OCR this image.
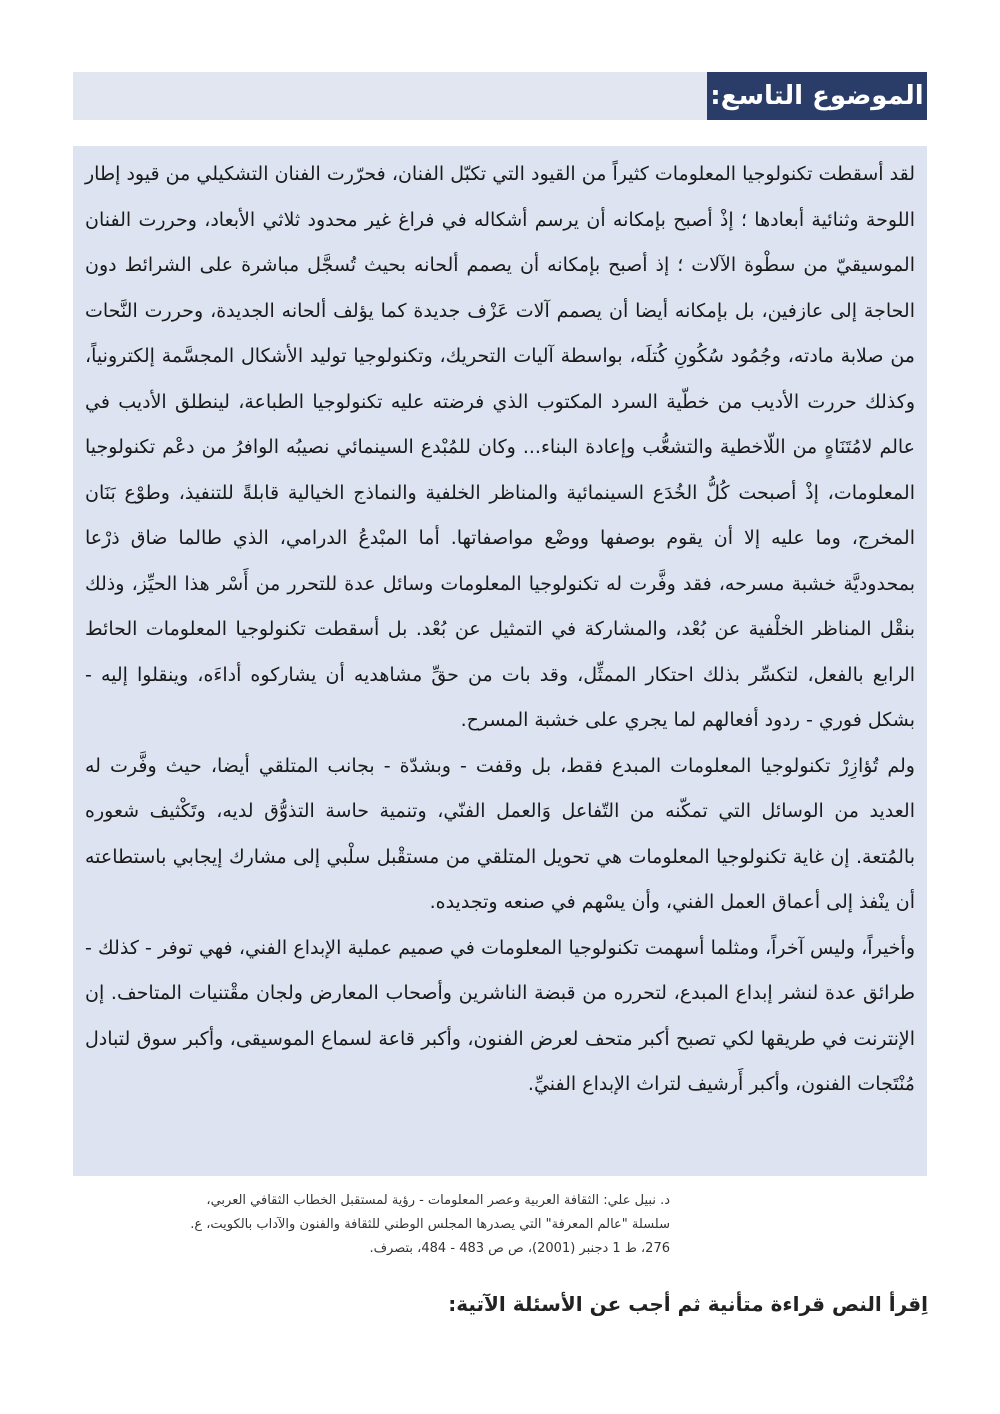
الموضوع التاسع:

لقد أسقطت تكنولوجيا المعلومات كثيراً من القيود التي تكبّل الفنان، فحرّرت الفنان التشكيلي من قيود إطار اللوحة وثنائية أبعادها ؛ إذْ أصبح بإمكانه أن يرسم أشكاله في فراغ غير محدود ثلاثي الأبعاد، وحررت الفنان الموسيقيّ من سطْوة الآلات ؛ إذ أصبح بإمكانه أن يصمم ألحانه بحيث تُسجَّل مباشرة على الشرائط دون الحاجة إلى عازفين، بل بإمكانه أيضا أن يصمم آلات عَزْف جديدة كما يؤلف ألحانه الجديدة، وحررت النَّحات من صلابة مادته، وجُمُود سُكُونِ كُتلَه، بواسطة آليات التحريك، وتكنولوجيا توليد الأشكال المجسَّمة إلكترونياً، وكذلك حررت الأديب من خطّية السرد المكتوب الذي فرضته عليه تكنولوجيا الطباعة، لينطلق الأديب في عالم لامُتَنَاهٍ من اللّاخطية والتشعُّب وإعادة البناء... وكان للمُبْدع السينمائي نصيبُه الوافرُ من دعْم تكنولوجيا المعلومات، إذْ أصبحت كُلُّ الخُدَع السينمائية والمناظر الخلفية والنماذج الخيالية قابلةً للتنفيذ، وطوْع بَنَان المخرج، وما عليه إلا أن يقوم بوصفها ووضْع مواصفاتها. أما المبْدعُ الدرامي، الذي طالما ضاق ذرْعا بمحدوديَّة خشبة مسرحه، فقد وفَّرت له تكنولوجيا المعلومات وسائل عدة للتحرر من أَسْر هذا الحيِّز، وذلك بنقْل المناظر الخلْفية عن بُعْد، والمشاركة في التمثيل عن بُعْد. بل أسقطت تكنولوجيا المعلومات الحائط الرابع بالفعل، لتكسِّر بذلك احتكار الممثِّل، وقد بات من حقِّ مشاهديه أن يشاركوه أداءَه، وينقلوا إليه - بشكل فوري - ردود أفعالهم لما يجري على خشبة المسرح.

ولم تُؤازِرْ تكنولوجيا المعلومات المبدع فقط، بل وقفت - وبشدّة - بجانب المتلقي أيضا، حيث وفَّرت له العديد من الوسائل التي تمكّنه من التّفاعل وَالعمل الفنّي، وتنمية حاسة التذوُّق لديه، وتَكْثيف شعوره بالمُتعة. إن غاية تكنولوجيا المعلومات هي تحويل المتلقي من مستقْبل سلْبي إلى مشارك إيجابي باستطاعته أن ينْفذ إلى أعماق العمل الفني، وأن يسْهم في صنعه وتجديده.

وأخيراً، وليس آخراً، ومثلما أسهمت تكنولوجيا المعلومات في صميم عملية الإبداع الفني، فهي توفر - كذلك - طرائق عدة لنشر إبداع المبدع، لتحرره من قبضة الناشرين وأصحاب المعارض ولجان مقْتنيات المتاحف. إن الإنترنت في طريقها لكي تصبح أكبر متحف لعرض الفنون، وأكبر قاعة لسماع الموسيقى، وأكبر سوق لتبادل مُنْتَجات الفنون، وأكبر أَرشيف لتراث الإبداع الفنيِّ.

د. نبيل علي: الثقافة العربية وعصر المعلومات - رؤية لمستقبل الخطاب الثقافي العربي،
سلسلة "عالم المعرفة" التي يصدرها المجلس الوطني للثقافة والفنون والآداب بالكويت، ع.
276، ط 1 دجنبر (2001)، ص ص 483 - 484، بتصرف.
اِقرأ النص قراءة متأنية ثم أجب عن الأسئلة الآتية:
